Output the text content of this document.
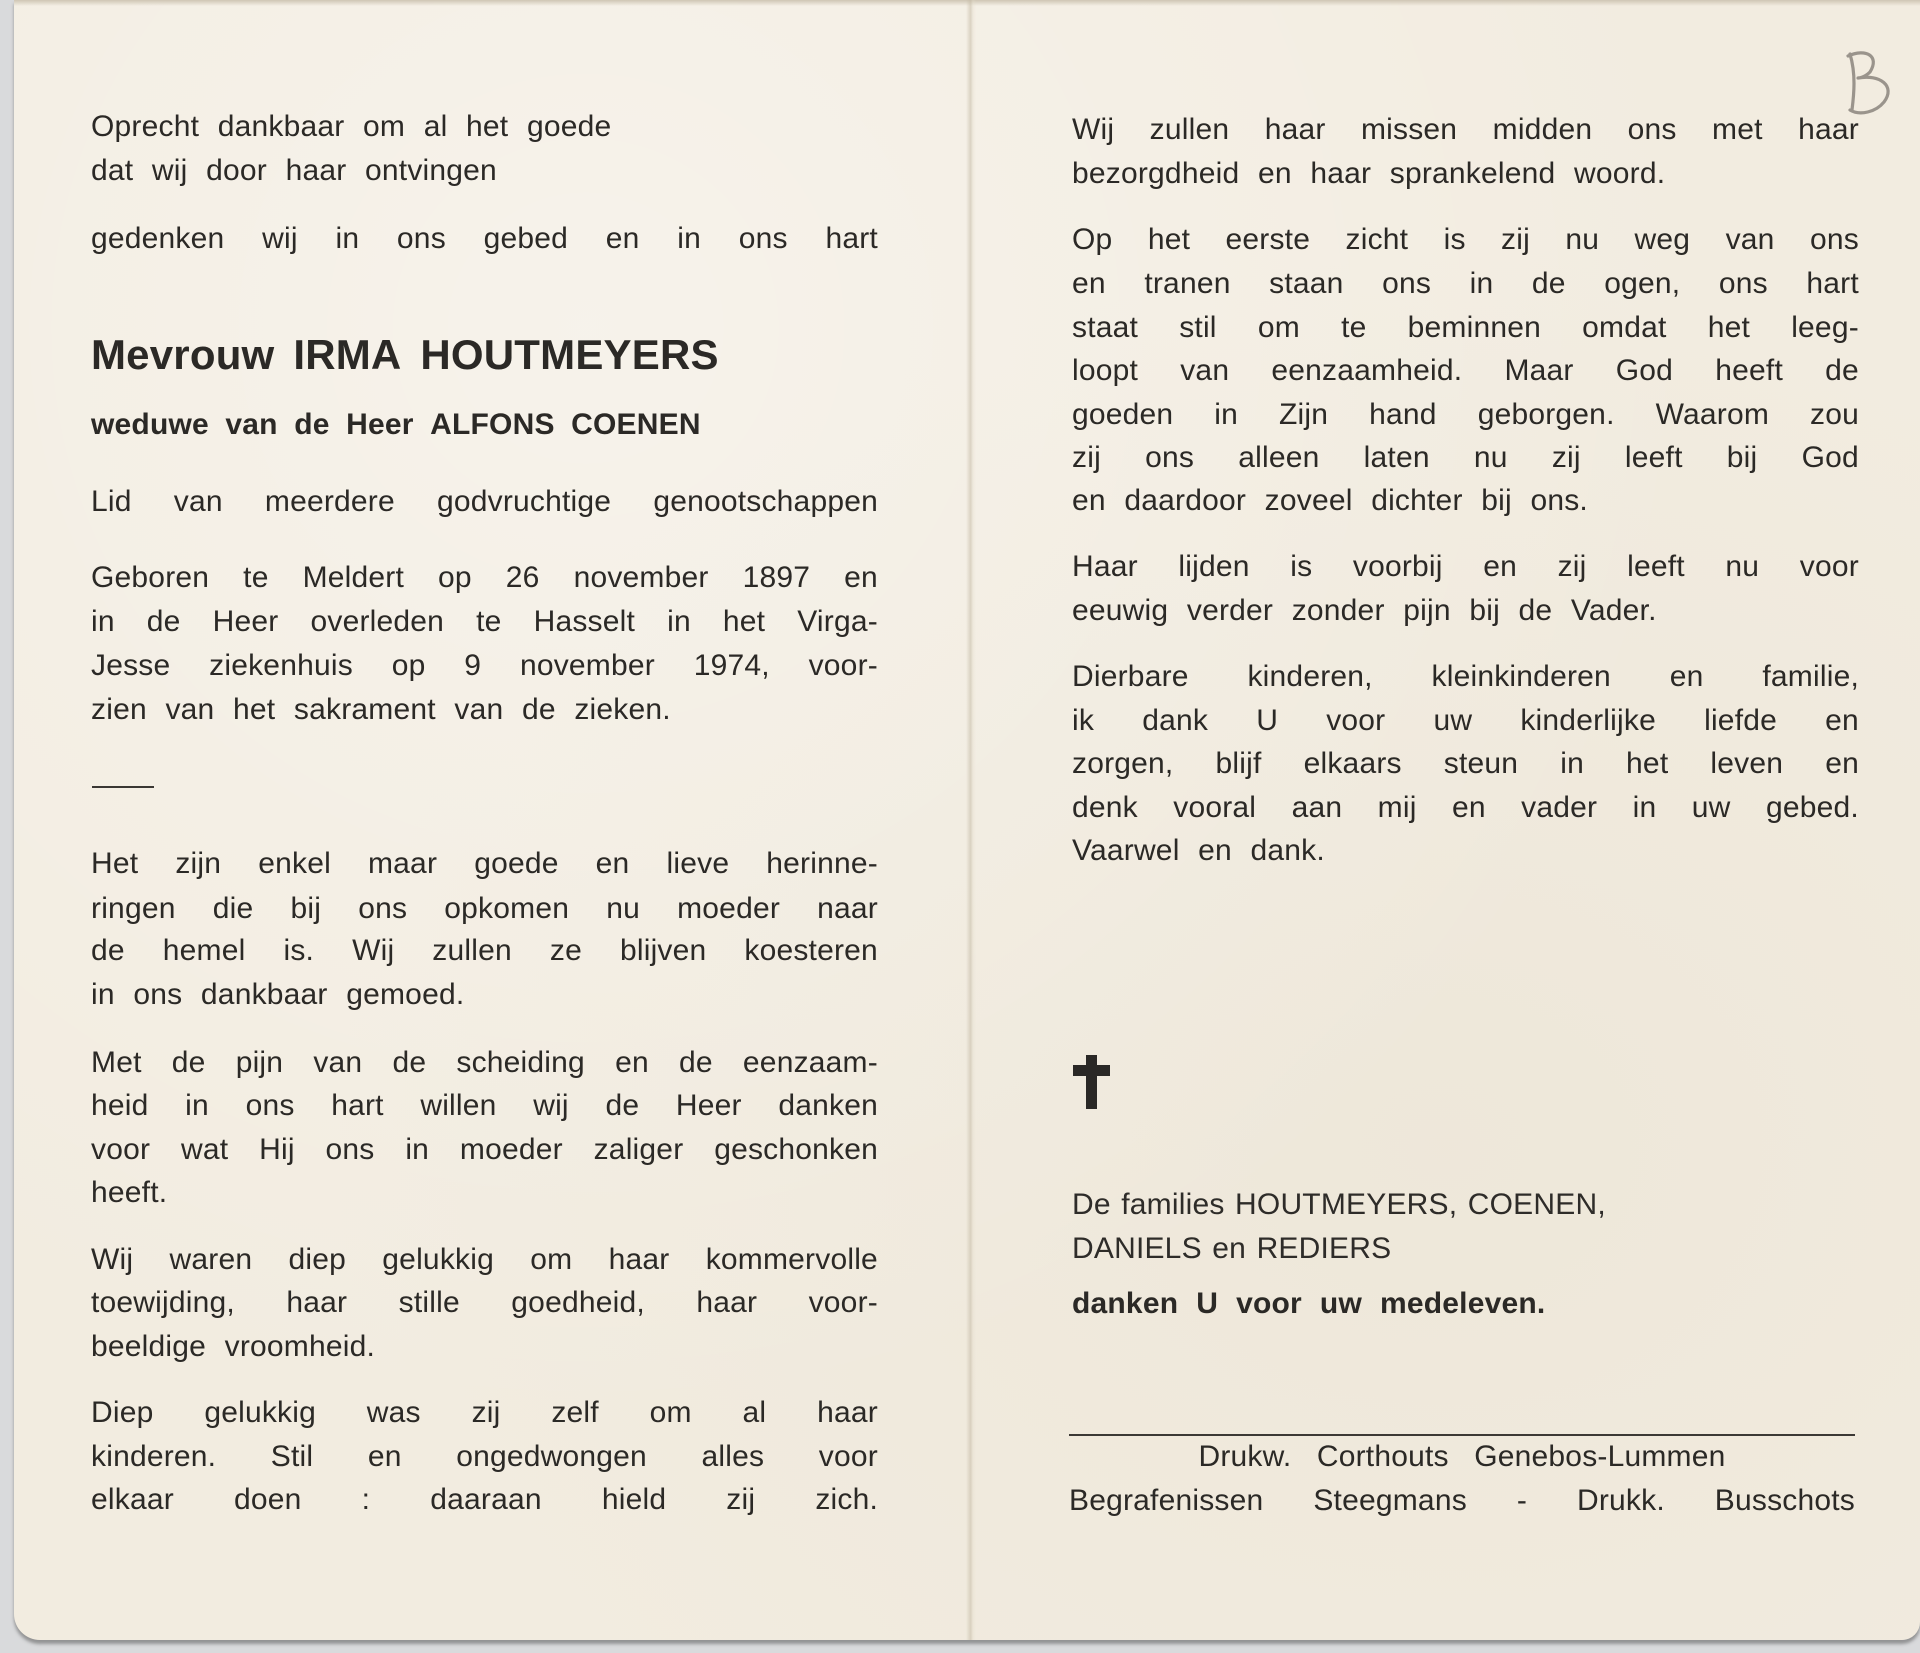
Oprecht dankbaar om al het goede
dat wij door haar ontvingen
gedenken wij in ons gebed en in ons hart
Mevrouw IRMA HOUTMEYERS
weduwe van de Heer ALFONS COENEN
Lid van meerdere godvruchtige genootschappen
Geboren te Meldert op 26 november 1897 en
in de Heer overleden te Hasselt in het Virga-
Jesse ziekenhuis op 9 november 1974, voor-
zien van het sakrament van de zieken.
Het zijn enkel maar goede en lieve herinne-
ringen die bij ons opkomen nu moeder naar
de hemel is. Wij zullen ze blijven koesteren
in ons dankbaar gemoed.
Met de pijn van de scheiding en de eenzaam-
heid in ons hart willen wij de Heer danken
voor wat Hij ons in moeder zaliger geschonken
heeft.
Wij waren diep gelukkig om haar kommervolle
toewijding, haar stille goedheid, haar voor-
beeldige vroomheid.
Diep gelukkig was zij zelf om al haar
kinderen. Stil en ongedwongen alles voor
elkaar doen : daaraan hield zij zich.
Wij zullen haar missen midden ons met haar
bezorgdheid en haar sprankelend woord.
Op het eerste zicht is zij nu weg van ons
en tranen staan ons in de ogen, ons hart
staat stil om te beminnen omdat het leeg-
loopt van eenzaamheid. Maar God heeft de
goeden in Zijn hand geborgen. Waarom zou
zij ons alleen laten nu zij leeft bij God
en daardoor zoveel dichter bij ons.
Haar lijden is voorbij en zij leeft nu voor
eeuwig verder zonder pijn bij de Vader.
Dierbare kinderen, kleinkinderen en familie,
ik dank U voor uw kinderlijke liefde en
zorgen, blijf elkaars steun in het leven en
denk vooral aan mij en vader in uw gebed.
Vaarwel en dank.
De families HOUTMEYERS, COENEN,
DANIELS en REDIERS
danken U voor uw medeleven.
Drukw. Corthouts Genebos-Lummen
Begrafenissen Steegmans - Drukk. Busschots
